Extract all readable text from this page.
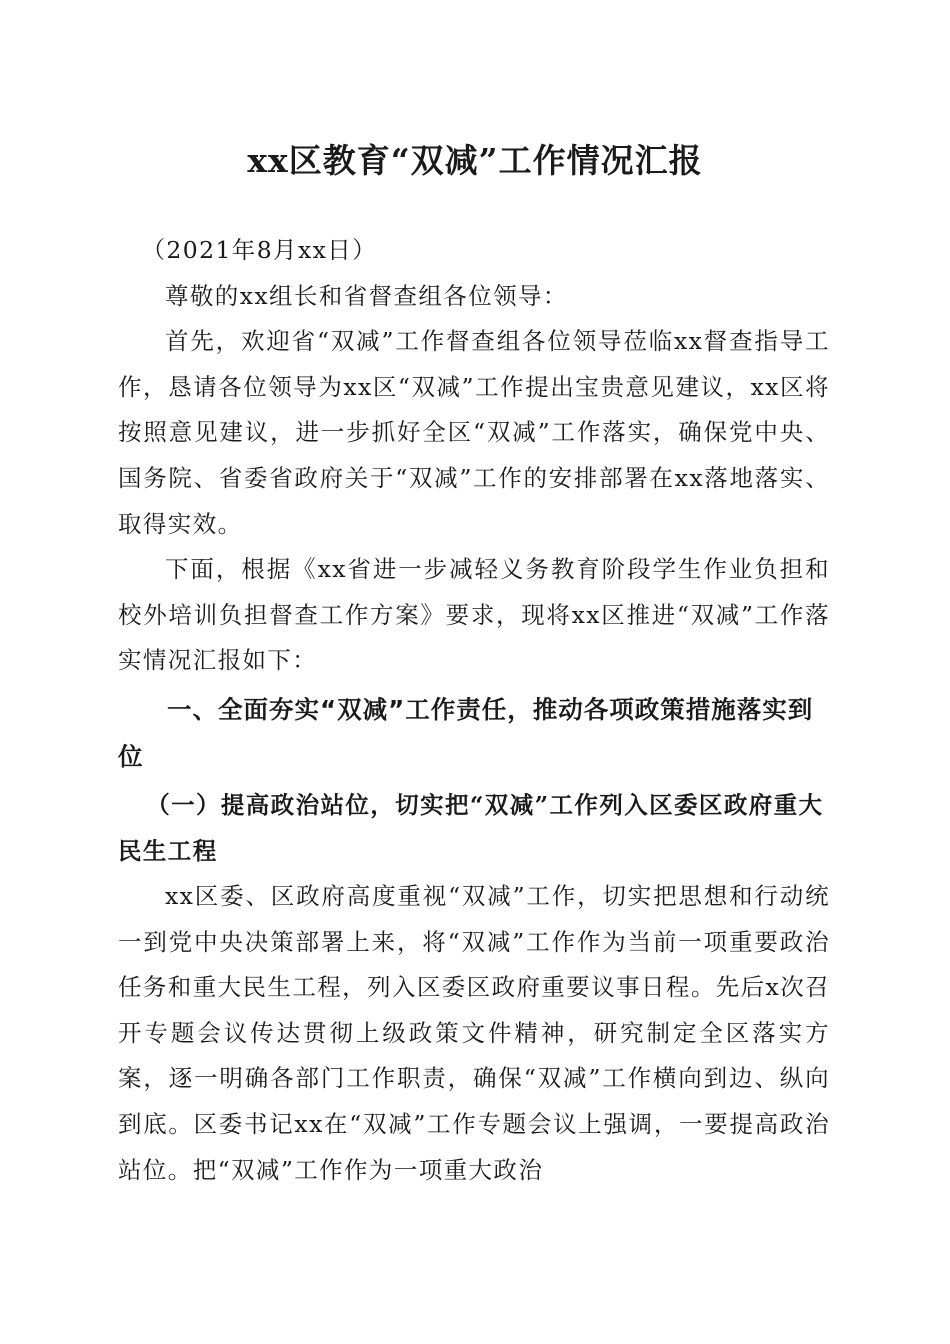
xx区教育“双减”工作情况汇报

（2021年8月xx日）

尊敬的xx组长和省督查组各位领导：

首先，欢迎省“双减”工作督查组各位领导莅临xx督查指导工作，恳请各位领导为xx区“双减”工作提出宝贵意见建议，xx区将按照意见建议，进一步抓好全区“双减”工作落实，确保党中央、国务院、省委省政府关于“双减”工作的安排部署在xx落地落实、取得实效。

下面，根据《xx省进一步减轻义务教育阶段学生作业负担和校外培训负担督查工作方案》要求，现将xx区推进“双减”工作落实情况汇报如下：

一、全面夯实“双减”工作责任，推动各项政策措施落实到位

（一）提高政治站位，切实把“双减”工作列入区委区政府重大民生工程

xx区委、区政府高度重视“双减”工作，切实把思想和行动统一到党中央决策部署上来，将“双减”工作作为当前一项重要政治任务和重大民生工程，列入区委区政府重要议事日程。先后x次召开专题会议传达贯彻上级政策文件精神，研究制定全区落实方案，逐一明确各部门工作职责，确保“双减”工作横向到边、纵向到底。区委书记xx在“双减”工作专题会议上强调，一要提高政治站位。把“双减”工作作为一项重大政治
